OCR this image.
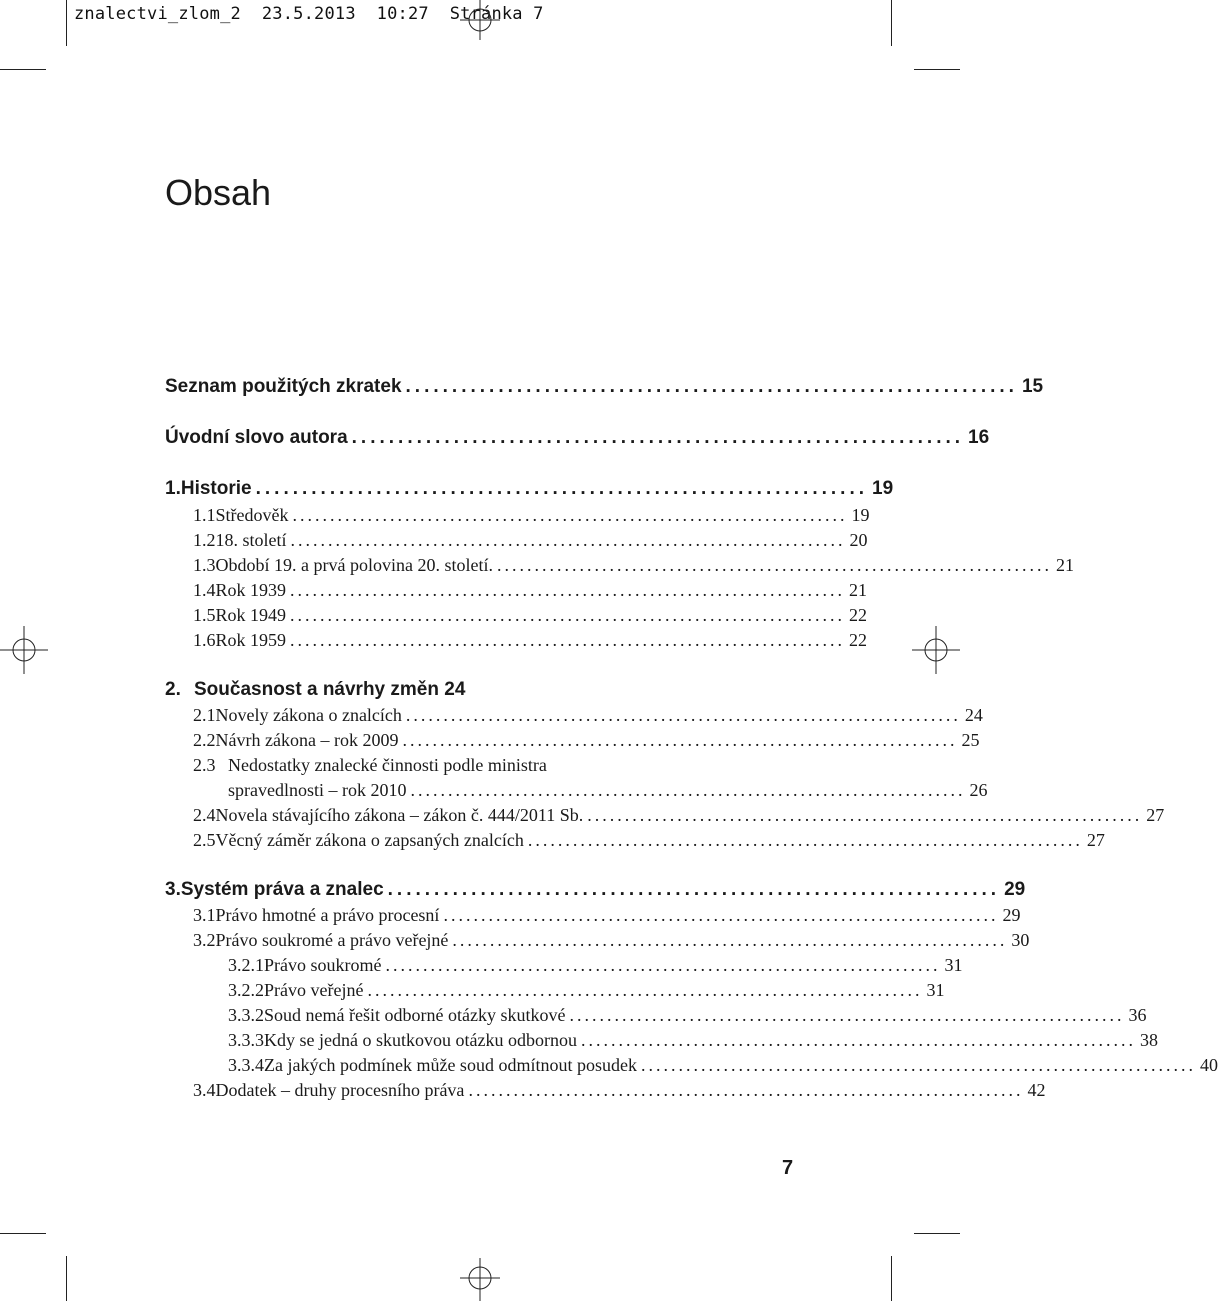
znalectvi_zlom_2 23.5.2013 10:27 Stránka 7
Obsah
Seznam použitých zkratek .................................................................. 15
Úvodní slovo autora .................................................................. 16
1. Historie .................................................................. 19
1.1 Středověk .......................................................................... 19
1.2 18. století .......................................................................... 20
1.3 Období 19. a prvá polovina 20. století. .......................................................................... 21
1.4 Rok 1939 .......................................................................... 21
1.5 Rok 1949 .......................................................................... 22
1.6 Rok 1959 .......................................................................... 22
2. Současnost a návrhy změn 24
2.1 Novely zákona o znalcích .......................................................................... 24
2.2 Návrh zákona – rok 2009 .......................................................................... 25
2.3 Nedostatky znalecké činnosti podle ministra
spravedlnosti – rok 2010 .......................................................................... 26
2.4 Novela stávajícího zákona – zákon č. 444/2011 Sb. .......................................................................... 27
2.5 Věcný záměr zákona o zapsaných znalcích .......................................................................... 27
3. Systém práva a znalec .................................................................. 29
3.1 Právo hmotné a právo procesní .......................................................................... 29
3.2 Právo soukromé a právo veřejné .......................................................................... 30
3.2.1 Právo soukromé .......................................................................... 31
3.2.2 Právo veřejné .......................................................................... 31
3.3.2 Soud nemá řešit odborné otázky skutkové .......................................................................... 36
3.3.3 Kdy se jedná o skutkovou otázku odbornou .......................................................................... 38
3.3.4 Za jakých podmínek může soud odmítnout posudek .......................................................................... 40
3.4 Dodatek – druhy procesního práva .......................................................................... 42
7
